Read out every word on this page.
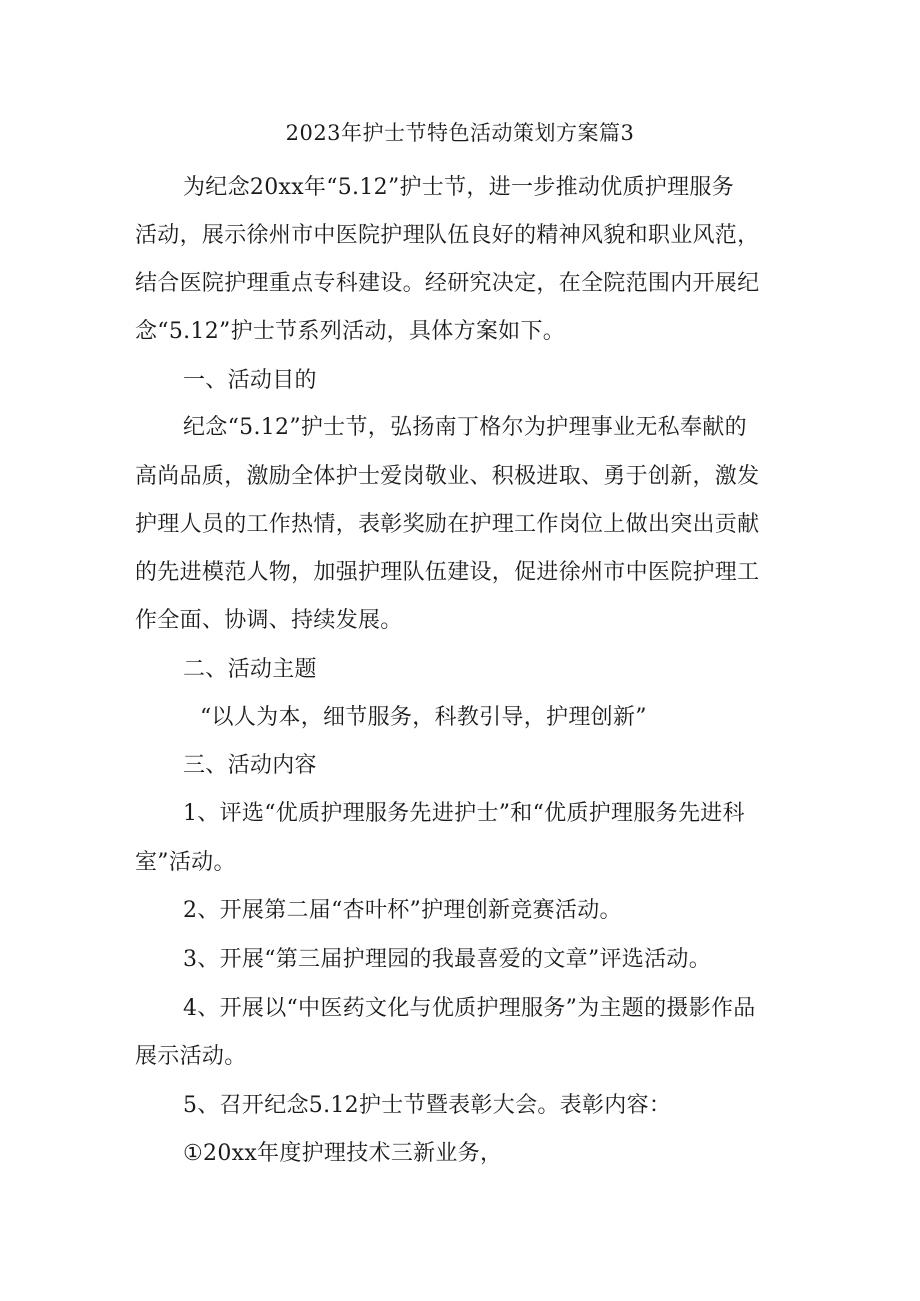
2023年护士节特色活动策划方案篇3
为纪念20xx年“5.12”护士节，进一步推动优质护理服务
活动，展示徐州市中医院护理队伍良好的精神风貌和职业风范，
结合医院护理重点专科建设。经研究决定，在全院范围内开展纪
念“5.12”护士节系列活动，具体方案如下。
一、活动目的
纪念“5.12”护士节，弘扬南丁格尔为护理事业无私奉献的
高尚品质，激励全体护士爱岗敬业、积极进取、勇于创新，激发
护理人员的工作热情，表彰奖励在护理工作岗位上做出突出贡献
的先进模范人物，加强护理队伍建设，促进徐州市中医院护理工
作全面、协调、持续发展。
二、活动主题
“以人为本，细节服务，科教引导，护理创新”
三、活动内容
1、评选“优质护理服务先进护士”和“优质护理服务先进科
室”活动。
2、开展第二届“杏叶杯”护理创新竞赛活动。
3、开展“第三届护理园的我最喜爱的文章”评选活动。
4、开展以“中医药文化与优质护理服务”为主题的摄影作品
展示活动。
5、召开纪念5.12护士节暨表彰大会。表彰内容：
①20xx年度护理技术三新业务，
